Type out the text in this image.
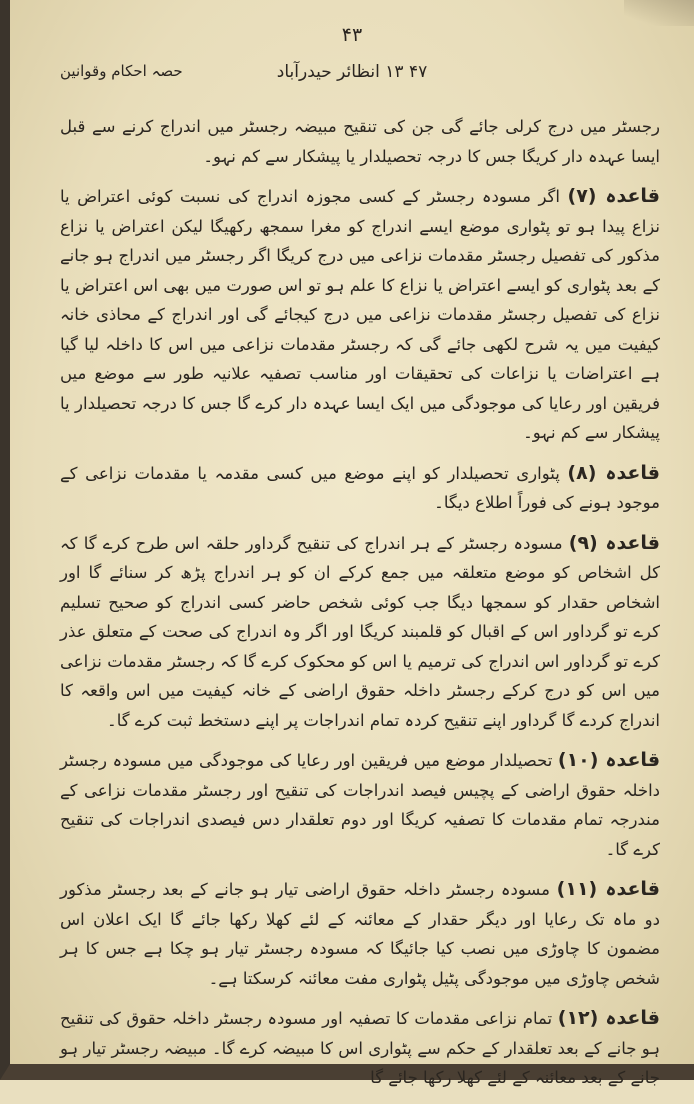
۴۳
۴۷ ۱۳ انظائر حیدرآباد
حصہ احکام وقوانین

رجسٹر میں درج کرلی جائے گی جن کی تنقیح مبیضہ رجسٹر میں اندراج کرنے سے قبل ایسا عہدہ دار کریگا جس کا درجہ تحصیلدار یا پیشکار سے کم نہو۔

قاعدہ (۷) اگر مسودہ رجسٹر کے کسی مجوزہ اندراج کی نسبت کوئی اعتراض یا نزاع پیدا ہو تو پٹواری موضع ایسے اندراج کو مغرا سمجھ رکھیگا لیکن اعتراض یا نزاع مذکور کی تفصیل رجسٹر مقدمات نزاعی میں درج کریگا اگر رجسٹر میں اندراج ہو جانے کے بعد پٹواری کو ایسے اعتراض یا نزاع کا علم ہو تو اس صورت میں بھی اس اعتراض یا نزاع کی تفصیل رجسٹر مقدمات نزاعی میں درج کیجائے گی اور اندراج کے محاذی خانہ کیفیت میں یہ شرح لکھی جائے گی کہ رجسٹر مقدمات نزاعی میں اس کا داخلہ لیا گیا ہے اعتراضات یا نزاعات کی تحقیقات اور مناسب تصفیہ علانیہ طور سے موضع میں فریقین اور رعایا کی موجودگی میں ایک ایسا عہدہ دار کرے گا جس کا درجہ تحصیلدار یا پیشکار سے کم نہو۔

قاعدہ (۸) پٹواری تحصیلدار کو اپنے موضع میں کسی مقدمہ یا مقدمات نزاعی کے موجود ہونے کی فوراً اطلاع دیگا۔

قاعدہ (۹) مسودہ رجسٹر کے ہر اندراج کی تنقیح گرداور حلقہ اس طرح کرے گا کہ کل اشخاص کو موضع متعلقہ میں جمع کرکے ان کو ہر اندراج پڑھ کر سنائے گا اور اشخاص حقدار کو سمجھا دیگا جب کوئی شخص حاضر کسی اندراج کو صحیح تسلیم کرے تو گرداور اس کے اقبال کو قلمبند کریگا اور اگر وہ اندراج کی صحت کے متعلق عذر کرے تو گرداور اس اندراج کی ترمیم یا اس کو محکوک کرے گا کہ رجسٹر مقدمات نزاعی میں اس کو درج کرکے رجسٹر داخلہ حقوق اراضی کے خانہ کیفیت میں اس واقعہ کا اندراج کردے گا گرداور اپنے تنقیح کردہ تمام اندراجات پر اپنے دستخط ثبت کرے گا۔

قاعدہ (۱۰) تحصیلدار موضع میں فریقین اور رعایا کی موجودگی میں مسودہ رجسٹر داخلہ حقوق اراضی کے پچیس فیصد اندراجات کی تنقیح اور رجسٹر مقدمات نزاعی کے مندرجہ تمام مقدمات کا تصفیہ کریگا اور دوم تعلقدار دس فیصدی اندراجات کی تنقیح کرے گا۔

قاعدہ (۱۱) مسودہ رجسٹر داخلہ حقوق اراضی تیار ہو جانے کے بعد رجسٹر مذکور دو ماہ تک رعایا اور دیگر حقدار کے معائنہ کے لئے کھلا رکھا جائے گا ایک اعلان اس مضمون کا چاوڑی میں نصب کیا جائیگا کہ مسودہ رجسٹر تیار ہو چکا ہے جس کا ہر شخص چاوڑی میں موجودگی پٹیل پٹواری مفت معائنہ کرسکتا ہے۔

قاعدہ (۱۲) تمام نزاعی مقدمات کا تصفیہ اور مسودہ رجسٹر داخلہ حقوق کی تنقیح ہو جانے کے بعد تعلقدار کے حکم سے پٹواری اس کا مبیضہ کرے گا۔ مبیضہ رجسٹر تیار ہو جانے کے بعد معائنہ کے لئے کھلا رکھا جائے گا
